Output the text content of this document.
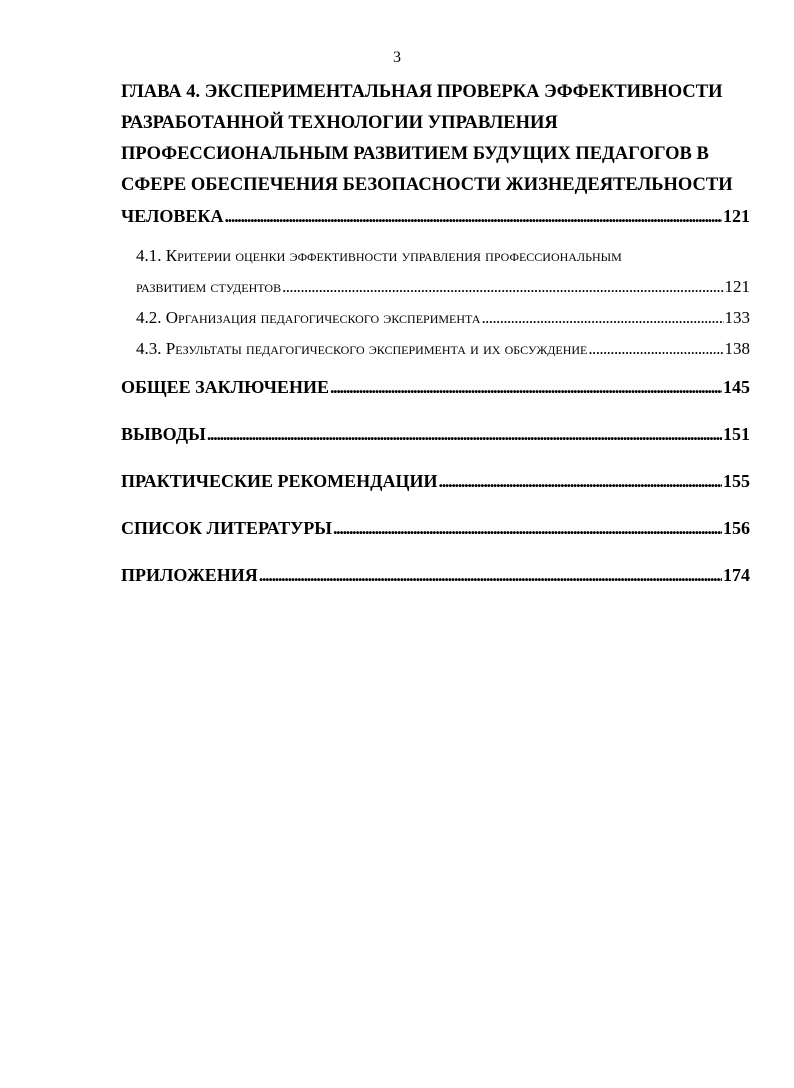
3
ГЛАВА 4. ЭКСПЕРИМЕНТАЛЬНАЯ ПРОВЕРКА ЭФФЕКТИВНОСТИ
РАЗРАБОТАННОЙ ТЕХНОЛОГИИ УПРАВЛЕНИЯ
ПРОФЕССИОНАЛЬНЫМ РАЗВИТИЕМ БУДУЩИХ ПЕДАГОГОВ В
СФЕРЕ ОБЕСПЕЧЕНИЯ БЕЗОПАСНОСТИ ЖИЗНЕДЕЯТЕЛЬНОСТИ
ЧЕЛОВЕКА .....	121
4.1. Критерии оценки эффективности управления профессиональным
развитием студентов .....	121
4.2. Организация педагогического эксперимента .....	133
4.3. Результаты педагогического эксперимента и их обсуждение .....	138
ОБЩЕЕ ЗАКЛЮЧЕНИЕ .....	145
ВЫВОДЫ .....	151
ПРАКТИЧЕСКИЕ РЕКОМЕНДАЦИИ .....	155
СПИСОК ЛИТЕРАТУРЫ .....	156
ПРИЛОЖЕНИЯ .....	174
